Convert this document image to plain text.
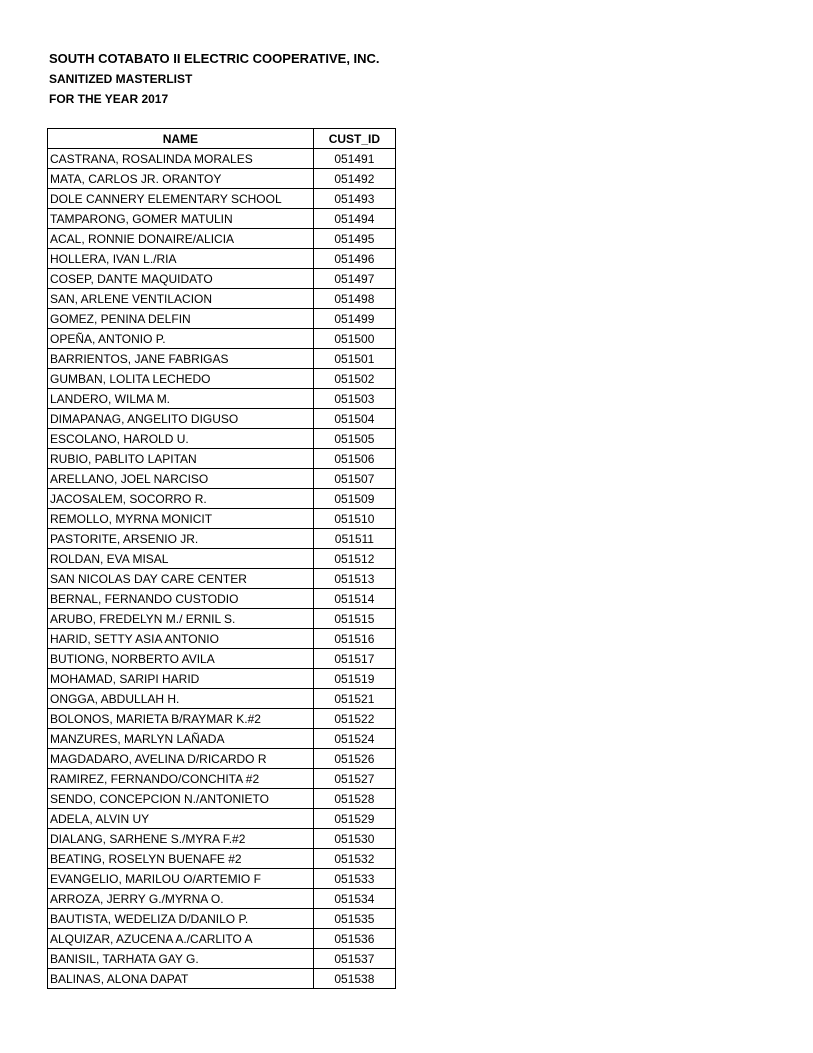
SOUTH COTABATO II ELECTRIC COOPERATIVE, INC.
SANITIZED MASTERLIST
FOR THE YEAR 2017
NAME	CUST_ID
CASTRANA, ROSALINDA MORALES	051491
MATA, CARLOS JR. ORANTOY	051492
DOLE CANNERY ELEMENTARY SCHOOL	051493
TAMPARONG, GOMER MATULIN	051494
ACAL, RONNIE DONAIRE/ALICIA	051495
HOLLERA, IVAN L./RIA	051496
COSEP, DANTE MAQUIDATO	051497
SAN, ARLENE VENTILACION	051498
GOMEZ, PENINA DELFIN	051499
OPEÑA, ANTONIO P.	051500
BARRIENTOS, JANE FABRIGAS	051501
GUMBAN, LOLITA LECHEDO	051502
LANDERO, WILMA M.	051503
DIMAPANAG, ANGELITO DIGUSO	051504
ESCOLANO, HAROLD U.	051505
RUBIO, PABLITO LAPITAN	051506
ARELLANO, JOEL NARCISO	051507
JACOSALEM, SOCORRO R.	051509
REMOLLO, MYRNA MONICIT	051510
PASTORITE, ARSENIO JR.	051511
ROLDAN, EVA MISAL	051512
SAN NICOLAS DAY CARE CENTER	051513
BERNAL, FERNANDO CUSTODIO	051514
ARUBO, FREDELYN M./ ERNIL S.	051515
HARID, SETTY ASIA ANTONIO	051516
BUTIONG, NORBERTO AVILA	051517
MOHAMAD, SARIPI HARID	051519
ONGGA, ABDULLAH H.	051521
BOLONOS, MARIETA B/RAYMAR K.#2	051522
MANZURES, MARLYN LAÑADA	051524
MAGDADARO, AVELINA D/RICARDO R	051526
RAMIREZ, FERNANDO/CONCHITA #2	051527
SENDO, CONCEPCION N./ANTONIETO	051528
ADELA, ALVIN UY	051529
DIALANG, SARHENE S./MYRA F.#2	051530
BEATING, ROSELYN BUENAFE #2	051532
EVANGELIO, MARILOU O/ARTEMIO F	051533
ARROZA, JERRY G./MYRNA O.	051534
BAUTISTA, WEDELIZA D/DANILO P.	051535
ALQUIZAR, AZUCENA A./CARLITO A	051536
BANISIL, TARHATA GAY G.	051537
BALINAS, ALONA DAPAT	051538
